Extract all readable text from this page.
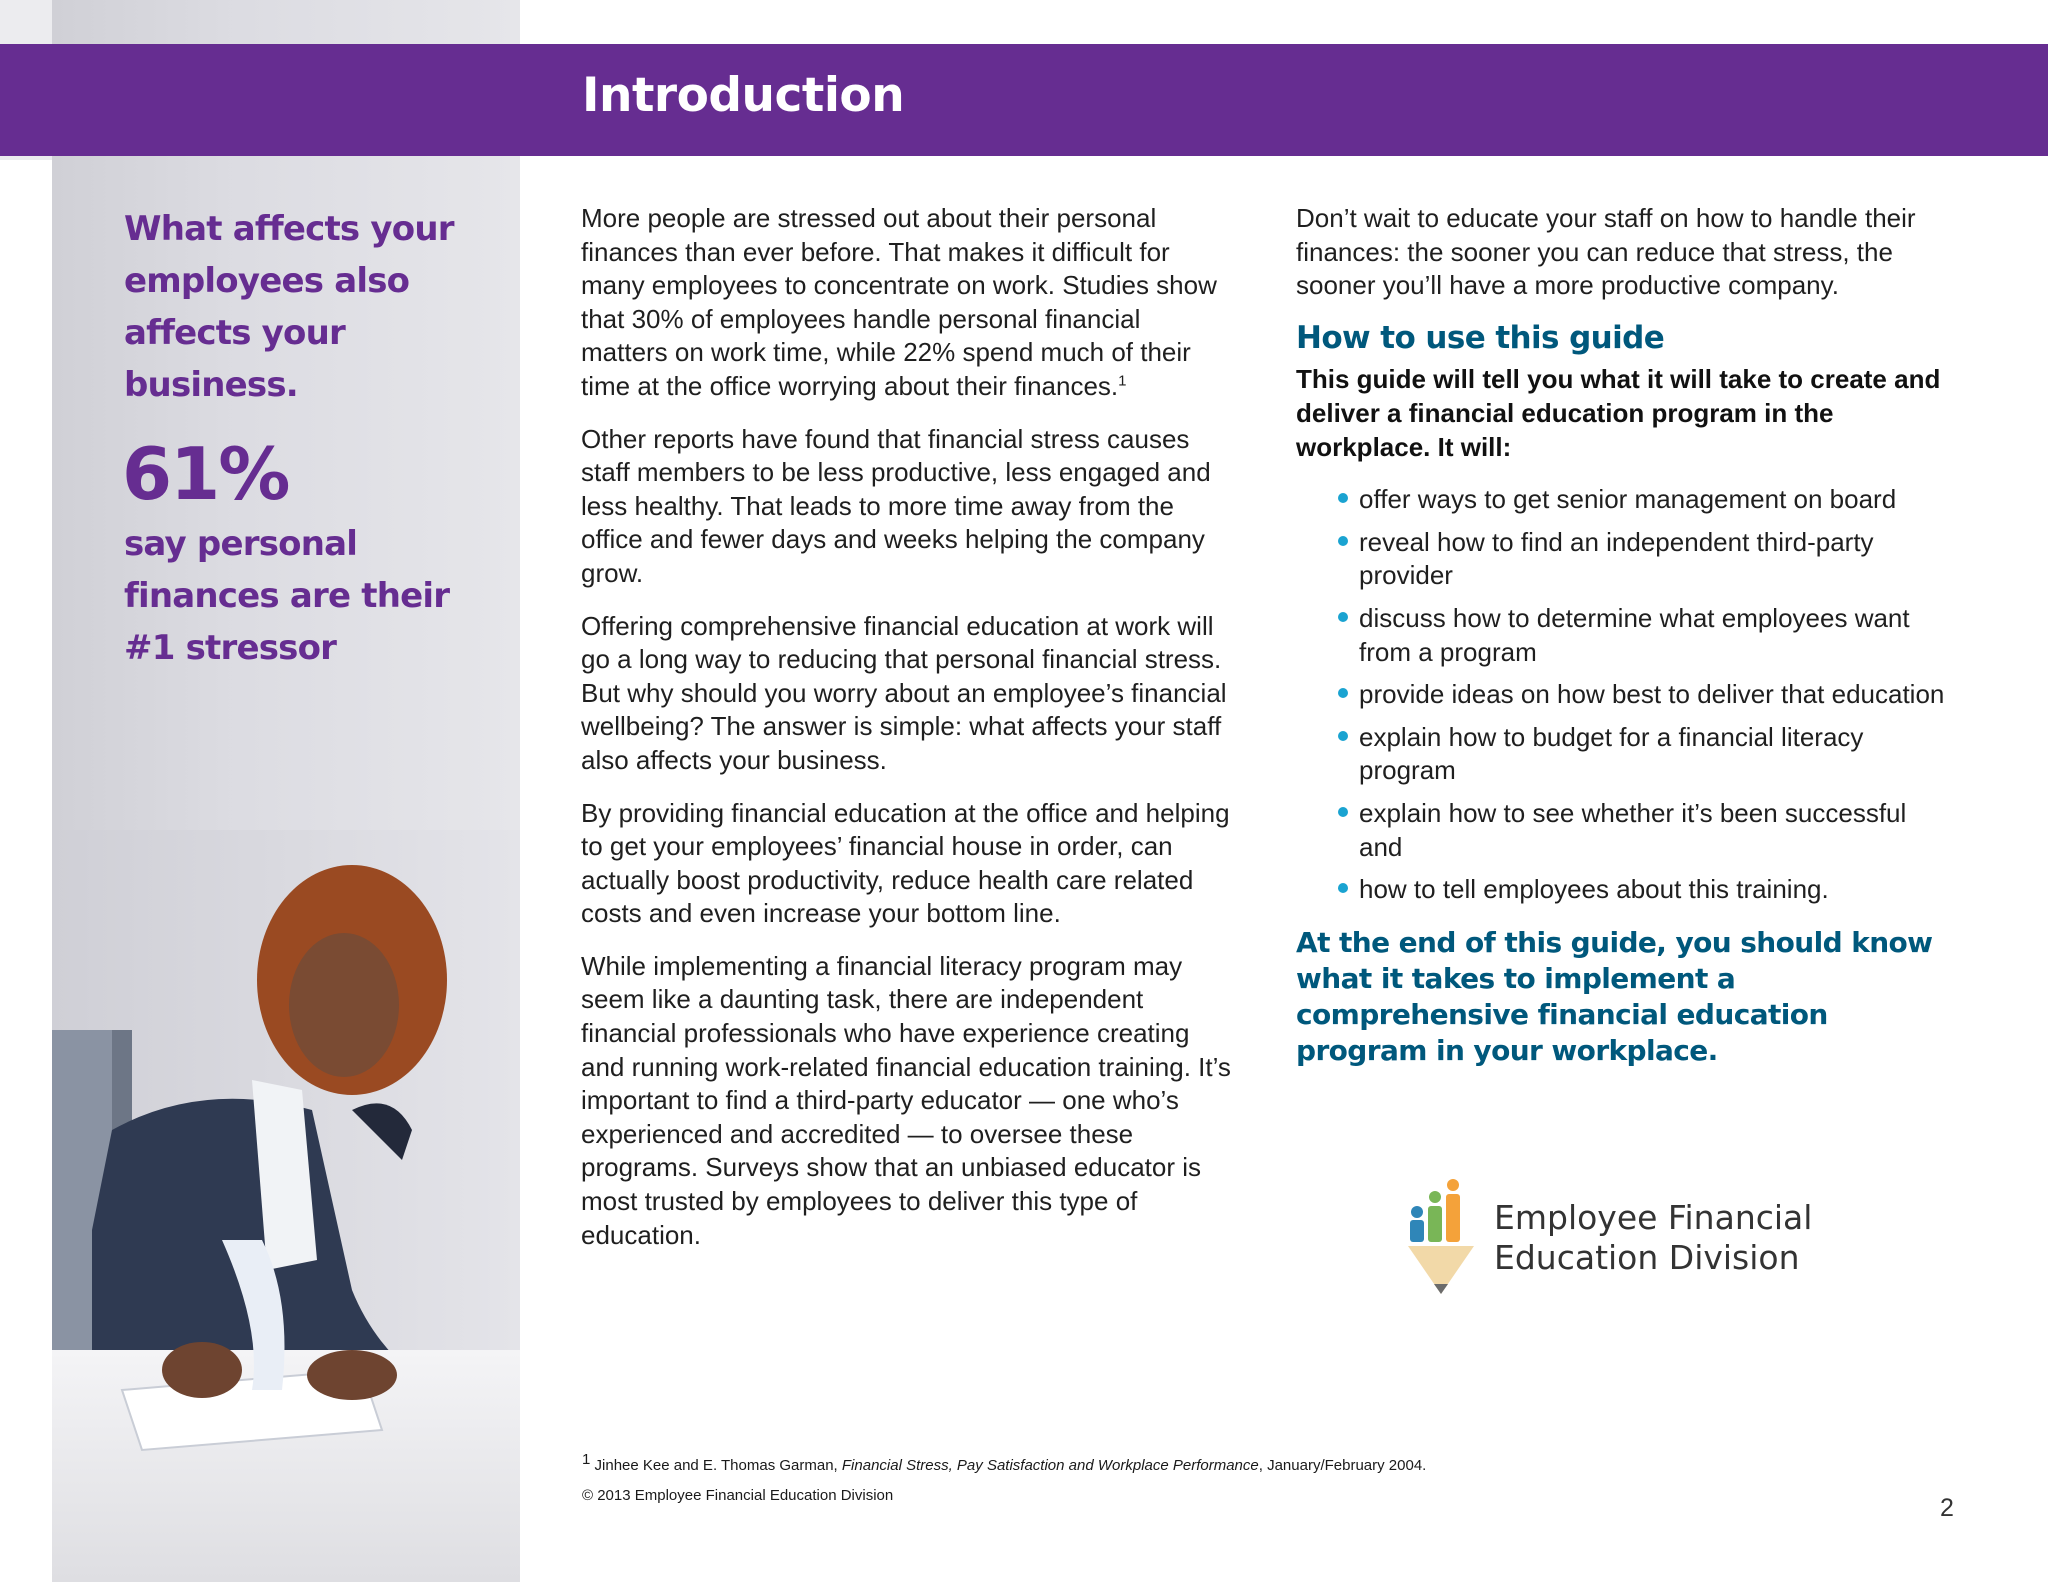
Introduction

What affects your employees also affects your business.

61%

say personal finances are their #1 stressor

More people are stressed out about their personal finances than ever before. That makes it difficult for many employees to concentrate on work. Studies show that 30% of employees handle personal financial matters on work time, while 22% spend much of their time at the office worrying about their finances.$^1$

Other reports have found that financial stress causes staff members to be less productive, less engaged and less healthy. That leads to more time away from the office and fewer days and weeks helping the company grow.

Offering comprehensive financial education at work will go a long way to reducing that personal financial stress. But why should you worry about an employee’s financial wellbeing? The answer is simple: what affects your staff also affects your business.

By providing financial education at the office and helping to get your employees’ financial house in order, can actually boost productivity, reduce health care related costs and even increase your bottom line.

While implementing a financial literacy program may seem like a daunting task, there are independent financial professionals who have experience creating and running work-related financial education training. It’s important to find a third-party educator — one who’s experienced and accredited — to oversee these programs. Surveys show that an unbiased educator is most trusted by employees to deliver this type of education.

Don’t wait to educate your staff on how to handle their finances: the sooner you can reduce that stress, the sooner you’ll have a more productive company.

How to use this guide

This guide will tell you what it will take to create and deliver a financial education program in the workplace. It will:

offer ways to get senior management on board
reveal how to find an independent third-party provider
discuss how to determine what employees want from a program
provide ideas on how best to deliver that education
explain how to budget for a financial literacy program
explain how to see whether it’s been successful and
how to tell employees about this training.

At the end of this guide, you should know what it takes to implement a comprehensive financial education program in your workplace.

Employee Financial
Education Division

1 Jinhee Kee and E. Thomas Garman, Financial Stress, Pay Satisfaction and Workplace Performance, January/February 2004.

© 2013 Employee Financial Education Division	2
